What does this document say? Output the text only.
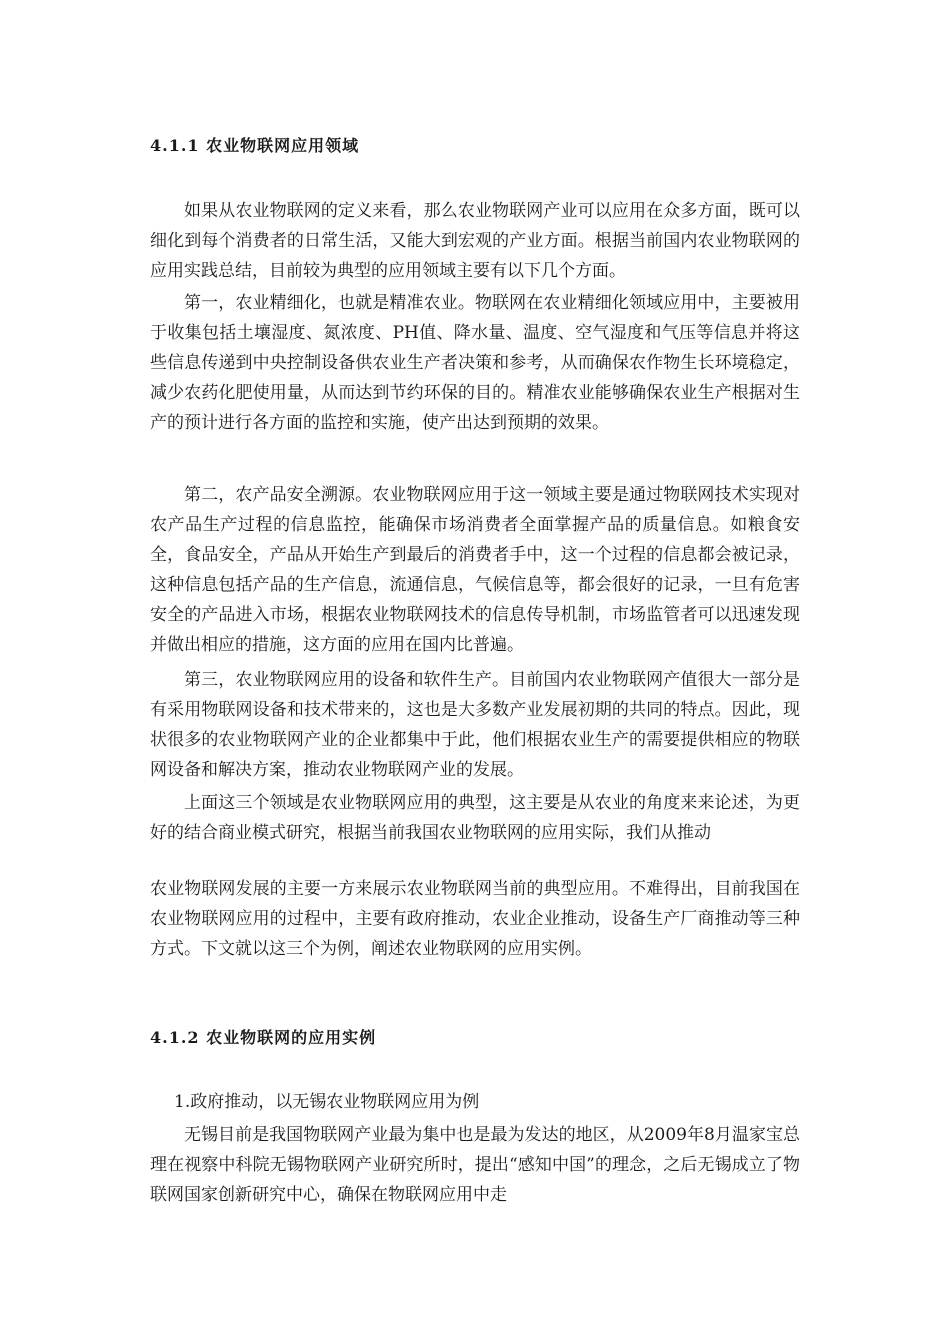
4.1.1 农业物联网应用领域

如果从农业物联网的定义来看，那么农业物联网产业可以应用在众多方面，既可以细化到每个消费者的日常生活，又能大到宏观的产业方面。根据当前国内农业物联网的应用实践总结，目前较为典型的应用领域主要有以下几个方面。

第一，农业精细化，也就是精准农业。物联网在农业精细化领域应用中，主要被用于收集包括土壤湿度、氮浓度、PH值、降水量、温度、空气湿度和气压等信息并将这些信息传递到中央控制设备供农业生产者决策和参考，从而确保农作物生长环境稳定，减少农药化肥使用量，从而达到节约环保的目的。精准农业能够确保农业生产根据对生产的预计进行各方面的监控和实施，使产出达到预期的效果。

第二，农产品安全溯源。农业物联网应用于这一领域主要是通过物联网技术实现对农产品生产过程的信息监控，能确保市场消费者全面掌握产品的质量信息。如粮食安全，食品安全，产品从开始生产到最后的消费者手中，这一个过程的信息都会被记录，这种信息包括产品的生产信息，流通信息，气候信息等，都会很好的记录，一旦有危害安全的产品进入市场，根据农业物联网技术的信息传导机制，市场监管者可以迅速发现并做出相应的措施，这方面的应用在国内比普遍。

第三，农业物联网应用的设备和软件生产。目前国内农业物联网产值很大一部分是有采用物联网设备和技术带来的，这也是大多数产业发展初期的共同的特点。因此，现状很多的农业物联网产业的企业都集中于此，他们根据农业生产的需要提供相应的物联网设备和解决方案，推动农业物联网产业的发展。

上面这三个领域是农业物联网应用的典型，这主要是从农业的角度来来论述，为更好的结合商业模式研究，根据当前我国农业物联网的应用实际，我们从推动

农业物联网发展的主要一方来展示农业物联网当前的典型应用。不难得出，目前我国在农业物联网应用的过程中，主要有政府推动，农业企业推动，设备生产厂商推动等三种方式。下文就以这三个为例，阐述农业物联网的应用实例。

4.1.2 农业物联网的应用实例

1.政府推动，以无锡农业物联网应用为例

无锡目前是我国物联网产业最为集中也是最为发达的地区，从2009年8月温家宝总理在视察中科院无锡物联网产业研究所时，提出“感知中国”的理念，之后无锡成立了物联网国家创新研究中心，确保在物联网应用中走
